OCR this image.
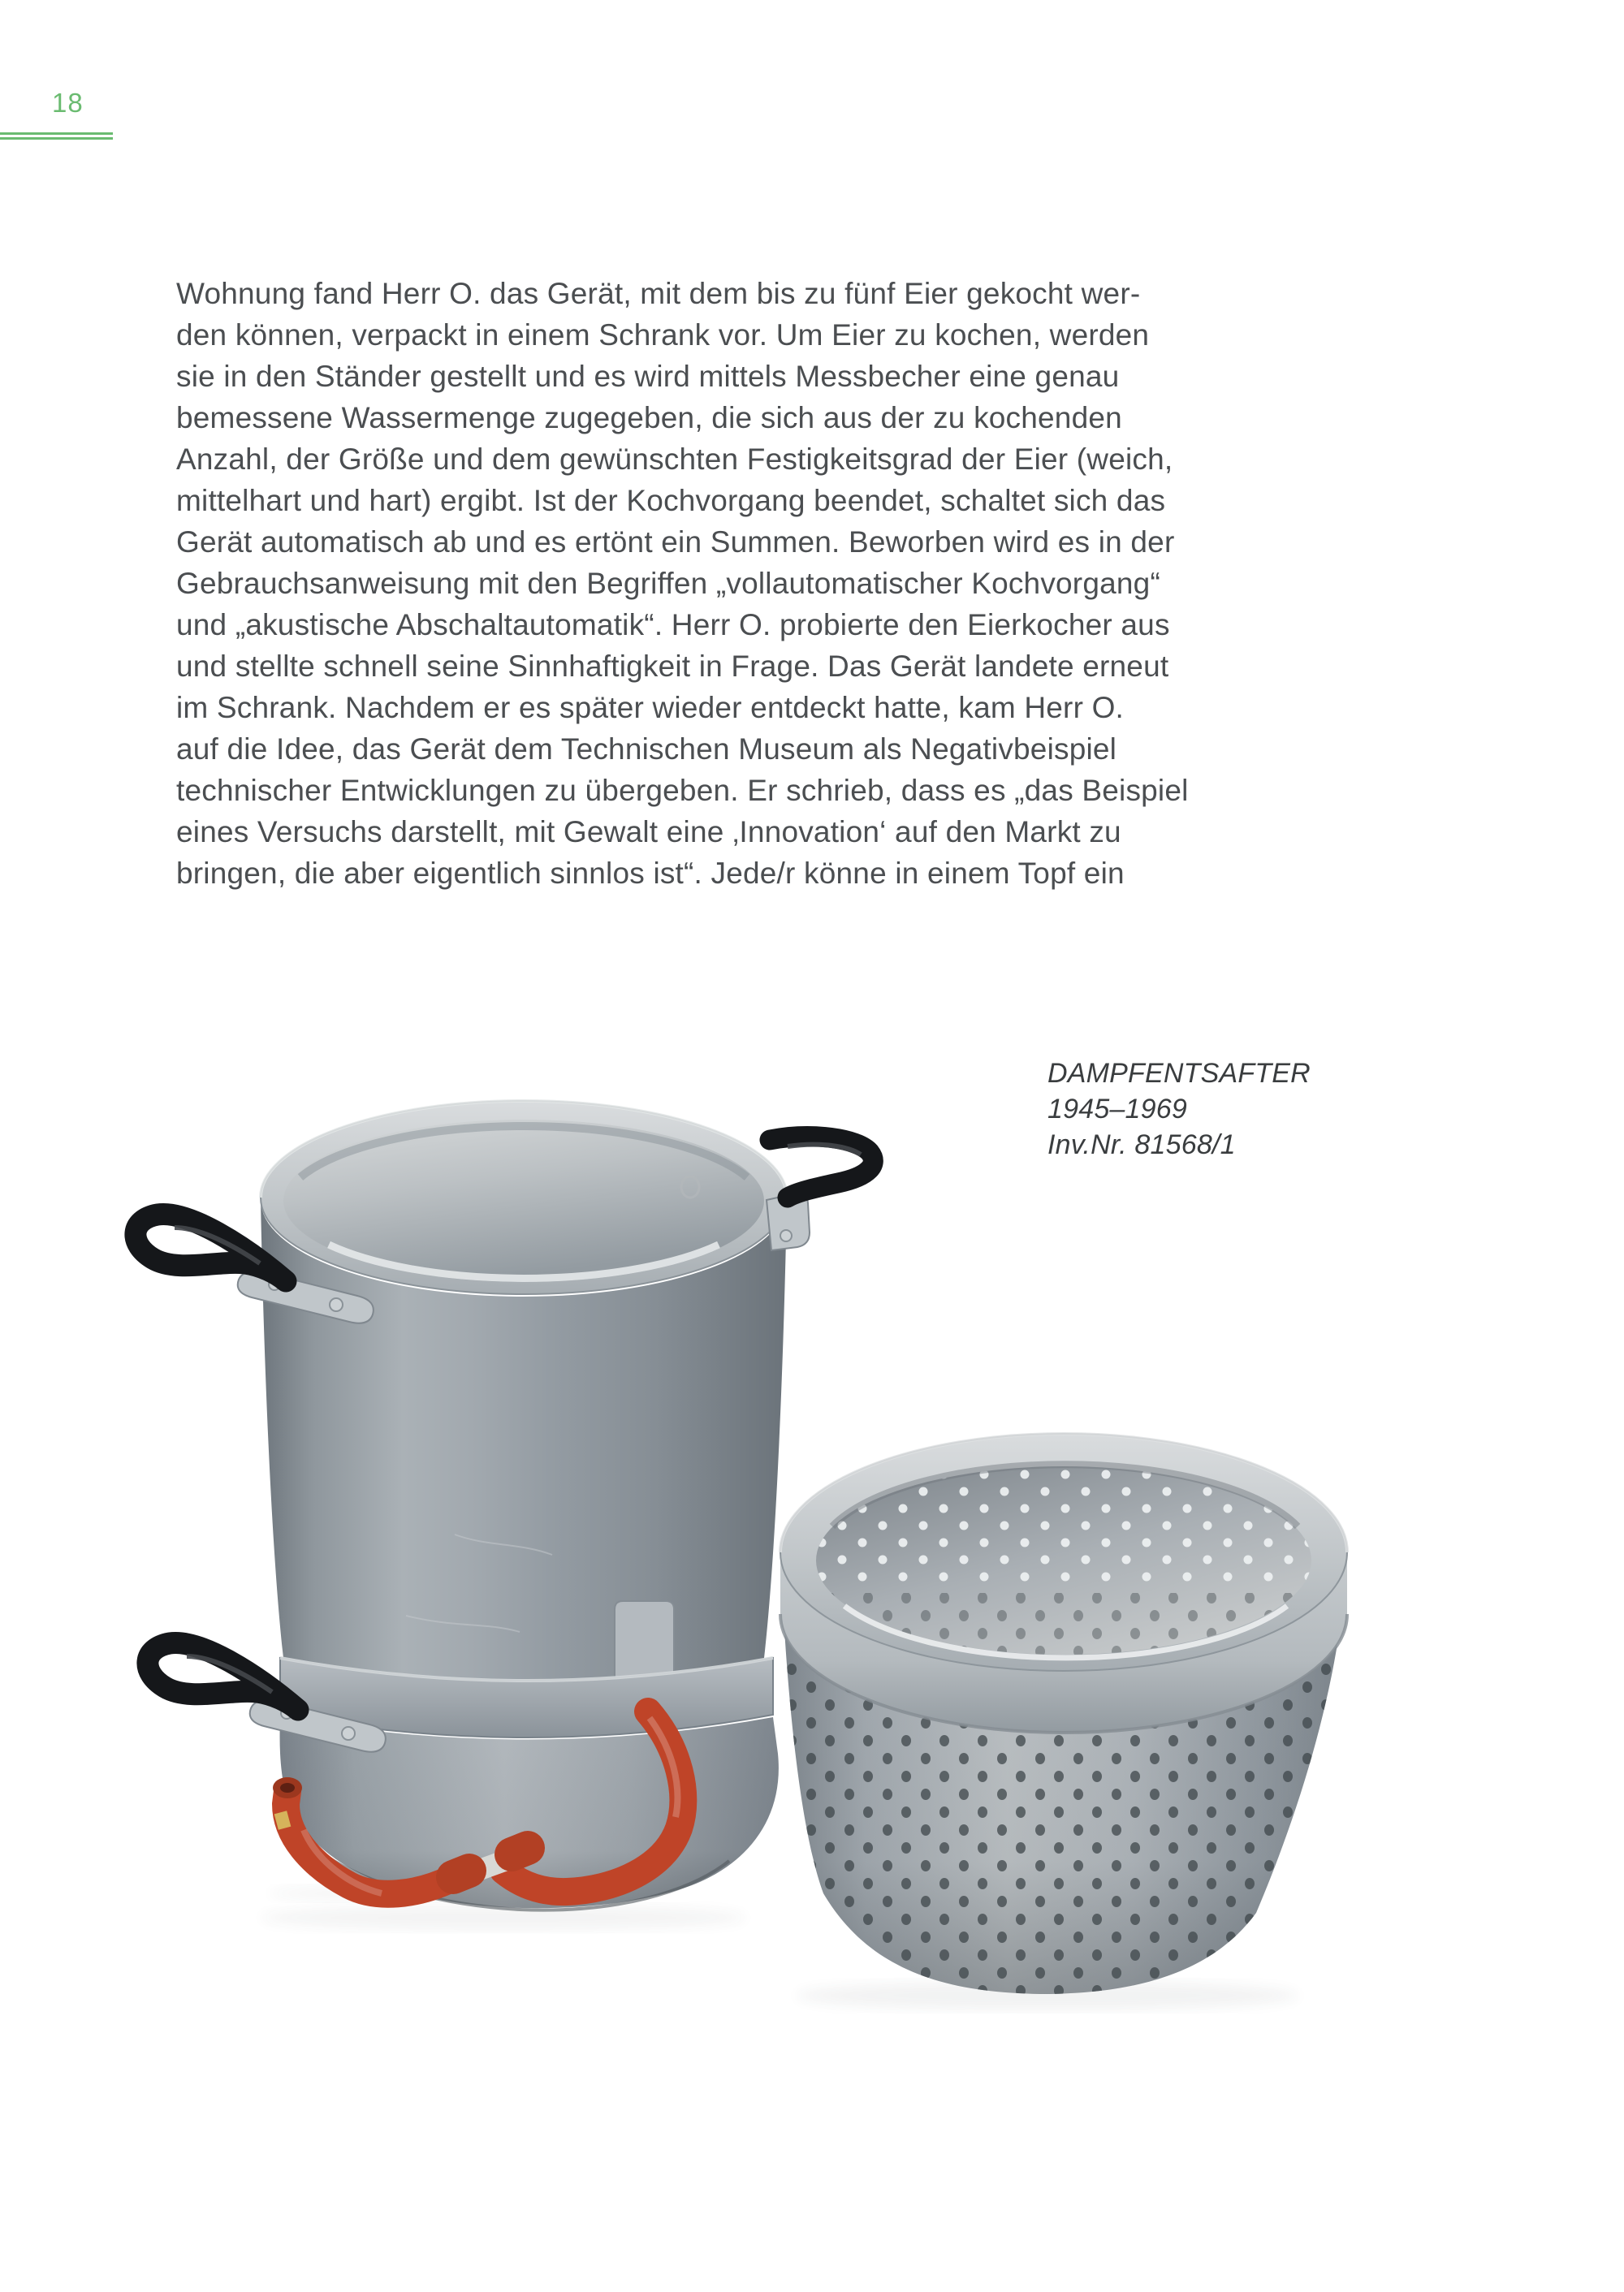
18
Wohnung fand Herr O. das Gerät, mit dem bis zu fünf Eier gekocht wer-
den können, verpackt in einem Schrank vor. Um Eier zu kochen, werden
sie in den Ständer gestellt und es wird mittels Messbecher eine genau
bemessene Wassermenge zugegeben, die sich aus der zu kochenden
Anzahl, der Größe und dem gewünschten Festigkeitsgrad der Eier (weich,
mittelhart und hart) ergibt. Ist der Kochvorgang beendet, schaltet sich das
Gerät automatisch ab und es ertönt ein Summen. Beworben wird es in der
Gebrauchsanweisung mit den Begriffen „vollautomatischer Kochvorgang“
und „akustische Abschaltautomatik“. Herr O. probierte den Eierkocher aus
und stellte schnell seine Sinnhaftigkeit in Frage. Das Gerät landete erneut
im Schrank. Nachdem er es später wieder entdeckt hatte, kam Herr O.
auf die Idee, das Gerät dem Technischen Museum als Negativbeispiel
technischer Entwicklungen zu übergeben. Er schrieb, dass es „das Beispiel
eines Versuchs darstellt, mit Gewalt eine ‚Innovation‘ auf den Markt zu
bringen, die aber eigentlich sinnlos ist“. Jede/r könne in einem Topf ein
DAMPFENTSAFTER
1945–1969
Inv.Nr. 81568/1
